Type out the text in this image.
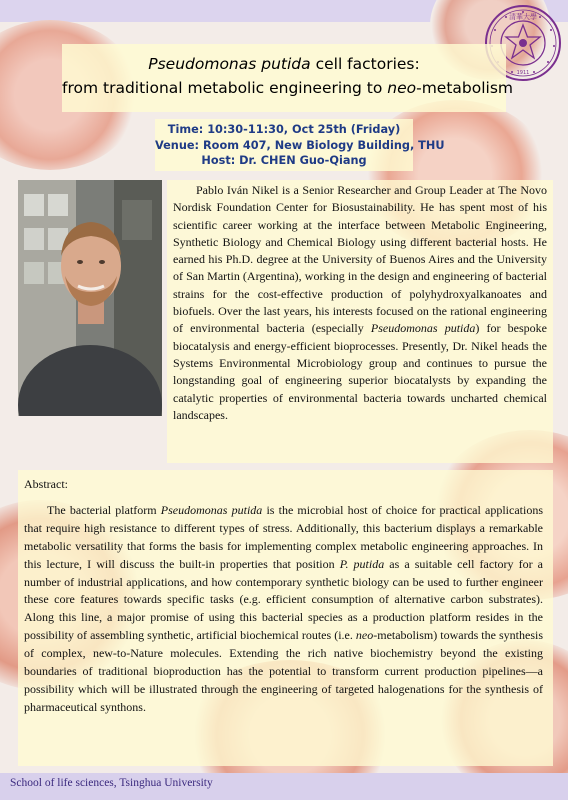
清華大學
1911
Pseudomonas putida cell factories:
from traditional metabolic engineering to neo-metabolism
Time: 10:30-11:30, Oct 25th (Friday)
Venue: Room 407, New Biology Building, THU
Host: Dr. CHEN Guo-Qiang
Pablo Iván Nikel is a Senior Researcher and Group Leader at The Novo Nordisk Foundation Center for Biosustainability. He has spent most of his scientific career working at the interface between Metabolic Engineering, Synthetic Biology and Chemical Biology using different bacterial hosts. He earned his Ph.D. degree at the University of Buenos Aires and the University of San Martin (Argentina), working in the design and engineering of bacterial strains for the cost-effective production of polyhydroxyalkanoates and biofuels. Over the last years, his interests focused on the rational engineering of environmental bacteria (especially Pseudomonas putida) for bespoke biocatalysis and energy-efficient bioprocesses. Presently, Dr. Nikel heads the Systems Environmental Microbiology group and continues to pursue the longstanding goal of engineering superior biocatalysts by expanding the catalytic properties of environmental bacteria towards uncharted chemical landscapes.
Abstract:
The bacterial platform Pseudomonas putida is the microbial host of choice for practical applications that require high resistance to different types of stress. Additionally, this bacterium displays a remarkable metabolic versatility that forms the basis for implementing complex metabolic engineering approaches. In this lecture, I will discuss the built-in properties that position P. putida as a suitable cell factory for a number of industrial applications, and how contemporary synthetic biology can be used to further engineer these core features towards specific tasks (e.g. efficient consumption of alternative carbon substrates). Along this line, a major promise of using this bacterial species as a production platform resides in the possibility of assembling synthetic, artificial biochemical routes (i.e. neo-metabolism) towards the synthesis of complex, new-to-Nature molecules. Extending the rich native biochemistry beyond the existing boundaries of traditional bioproduction has the potential to transform current production pipelines—a possibility which will be illustrated through the engineering of targeted halogenations for the synthesis of pharmaceutical synthons.
School of life sciences, Tsinghua University
